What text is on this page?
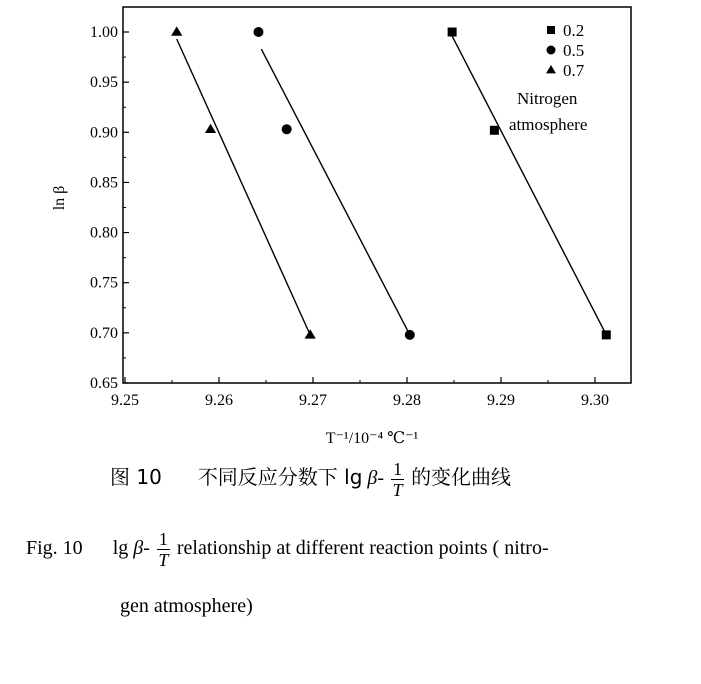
9.25	9.26	9.27	9.28	9.29	9.30
0.65
0.70
0.75
0.80
0.85
0.90
0.95
1.00	0.2
0.5
0.7
Nitrogen
atmosphere
ln β
T⁻¹/10⁻⁴ ℃⁻¹
图 10 不同反应分数下 $\lg \beta- \frac{1}{T}$ 的变化曲线
Fig. 10 $\lg \beta- \frac{1}{T}$ relationship at different reaction points ( nitro-
gen atmosphere)
